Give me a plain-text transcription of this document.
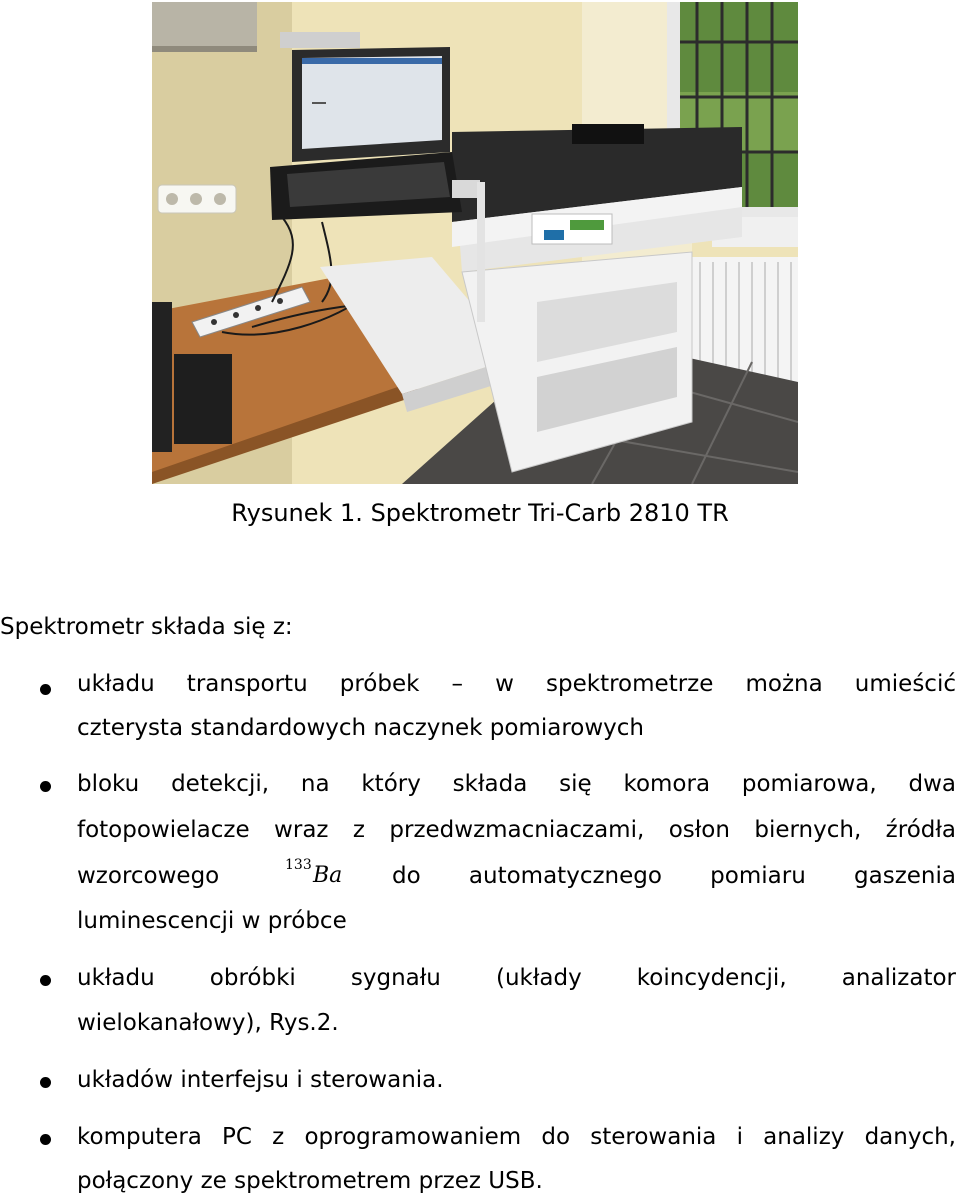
Rysunek 1. Spektrometr Tri-Carb 2810 TR
Spektrometr składa się z:
układu transportu próbek – w spektrometrze można umieścić
czterysta standardowych naczynek pomiarowych
bloku detekcji, na który składa się komora pomiarowa, dwa
fotopowielacze wraz z przedwzmacniaczami, osłon biernych, źródła
wzorcowego	133 Ba do automatycznego pomiaru gaszenia
luminescencji w próbce
układu obróbki sygnału (układy koincydencji, analizator
wielokanałowy), Rys.2.
układów interfejsu i sterowania.
komputera PC z oprogramowaniem do sterowania i analizy danych,
połączony ze spektrometrem przez USB.
